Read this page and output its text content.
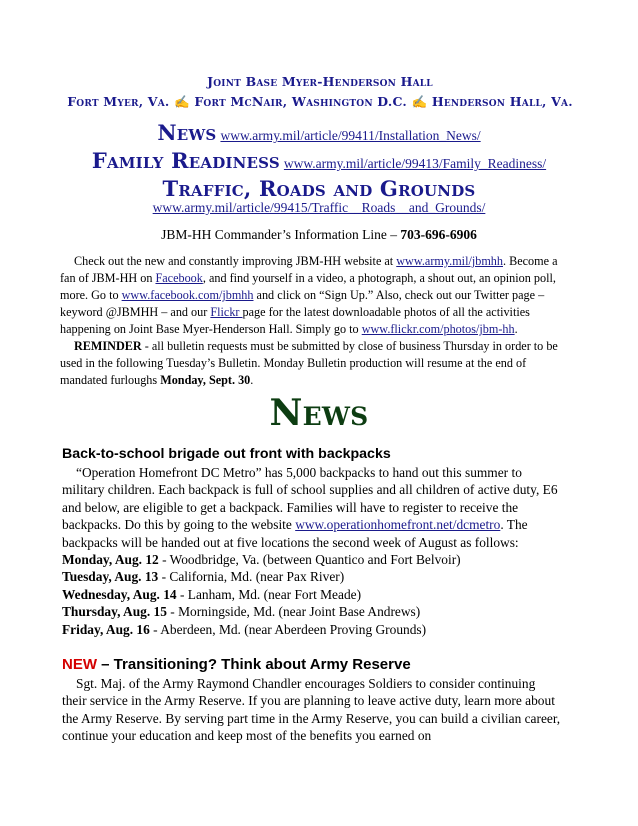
Joint Base Myer-Henderson Hall
Fort Myer, Va. ✍ Fort McNair, Washington D.C. ✍ Henderson Hall, Va.
News www.army.mil/article/99411/Installation_News/
Family Readiness www.army.mil/article/99413/Family_Readiness/
Traffic, Roads and Grounds
www.army.mil/article/99415/Traffic__Roads__and_Grounds/
JBM-HH Commander’s Information Line – 703-696-6906

Check out the new and constantly improving JBM-HH website at www.army.mil/jbmhh. Become a fan of JBM-HH on Facebook, and find yourself in a video, a photograph, a shout out, an opinion poll, more. Go to www.facebook.com/jbmhh and click on “Sign Up.” Also, check out our Twitter page – keyword @JBMHH – and our Flickr page for the latest downloadable photos of all the activities happening on Joint Base Myer-Henderson Hall. Simply go to www.flickr.com/photos/jbm-hh.

REMINDER - all bulletin requests must be submitted by close of business Thursday in order to be used in the following Tuesday’s Bulletin. Monday Bulletin production will resume at the end of mandated furloughs Monday, Sept. 30.

News

Back-to-school brigade out front with backpacks

“Operation Homefront DC Metro” has 5,000 backpacks to hand out this summer to military children. Each backpack is full of school supplies and all children of active duty, E6 and below, are eligible to get a backpack. Families will have to register to receive the backpacks. Do this by going to the website www.operationhomefront.net/dcmetro. The backpacks will be handed out at five locations the second week of August as follows:

Monday, Aug. 12 - Woodbridge, Va. (between Quantico and Fort Belvoir)

Tuesday, Aug. 13 - California, Md. (near Pax River)

Wednesday, Aug. 14 - Lanham, Md. (near Fort Meade)

Thursday, Aug. 15 - Morningside, Md. (near Joint Base Andrews)

Friday, Aug. 16 - Aberdeen, Md. (near Aberdeen Proving Grounds)

NEW – Transitioning? Think about Army Reserve

Sgt. Maj. of the Army Raymond Chandler encourages Soldiers to consider continuing their service in the Army Reserve. If you are planning to leave active duty, learn more about the Army Reserve. By serving part time in the Army Reserve, you can build a civilian career, continue your education and keep most of the benefits you earned on
